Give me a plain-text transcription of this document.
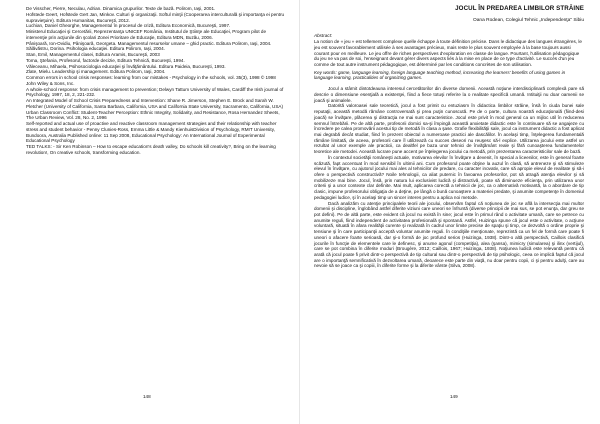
De Visscher, Pierre, Neculau, Adrian. Dinamica grupurilor. Texte de bază. Polirom, Iaşi, 2001.

Hofstede Geert, Hofstede Gert Jan, Minkov. Culturi şi organizaţii. Softul minţii (Cooperarea interculturală şi importanţa ei pentru supravieţuire). Editura Humanitas, Bucureşti, 2012.

Luchian, Daniel Gheorghe, Managementul în procesul de criză, Editura Economică, Bucureşti, 1997.

Ministerul Educaţiei şi Cercetării, Reprezentanţa UNICEF România, Institutul de Ştiinţe ale Educaţiei, Program pilot de intervenţie prin acţiunile din şcolari Zonei Prioritare de Educaţie, Editura MDN, Buzău, 2006.

Pânişoară, Ion-Ovidiu, Pânişoară, Georgeta. Managementul resurselor umane – ghid practic. Editura Polirom, Iaşi, 2004.

Sălăvăstru, Dorina. Psihologia educaţiei. Editura Polirom, Iaşi, 2004.

Stan, Emil, Managementul clasei, Editura Aramis, Bucureşti, 2003

Toma, Ştefania, Profesorul, factorde decizie, Editura Tehnică, Bucureşti, 1994.

Văleceanu, Mihaela, Psihosociologia educaţiei şi învăţământului. Editura Paideia, Bucureşti, 1993.

Zlate, Mielu. Leadership şi management. Editura Polirom, Iaşi, 2004.

Common errors in school crisis responses: learning from our mistakes - Psychology in the schools, vol. 35(3), 1998 © 1998 John Wiley & Sons, Inc.

A whole-school response: from crisis management to prevention; Delwyn Tattum University of Wales, Cardiff the Irish journal of Psychology, 1997, 18, 2, 221-232.

An Integrated Model of School Crisis Preparedness and Intervention: Shane R. Jimerson, Stephen E. Brock and Sarah W. Pletcher (University of California, Santa Barbara, California, USA and California State University, Sacramento, California, USA)

Urban Classroom Conflict: Student-Teacher Perception: Ethnic Integrity, Solidarity, and Resistance, Rosa Hernandez Sheets, The Urban Review, Vol. 28, No. 2, 1996

Self-reported and actual use of proactive and reactive classroom management strategies and their relationship with teacher stress and student behavior - Penny Clunies-Ross, Emma Little & Mandy KienhuisDivision of Psychology, RMIT University, Bundoora, Australia Published online: 11 Sep 2008, Educational Psychology: An International Journal of Experimental Educational Psychology

TED TALKS: - Sir Ken Robinson – How to escape education's death valley, Do schools kill creativity?, Bring on the learning revolution!, On creative schools, transforming education.

148
JOCUL ÎN PREDAREA LIMBILOR STRĂINE
Oana Rodean, Colegiul Tehnic „Independenţa" Sibiu
Abstract:
La notion de « jeu » est tellement complexe quelle échappe à toute définition précise. Dans le didactique des langues étrangères, le jeu est souvent favorablement utilisée à ses avantages précieux, mais reste le plus souvent employée à la base toujours aussi courant pour en meilleure. Le jeu offre de riches perspectives d'exploration en classe de langue. Pourtant, l'utilisation pédagogique du jeu ne va pas de soi, l'enseignant devant gérer divers aspects liés à la mise en place de ce type d'activité. Le succès d'un jeu comme de tout autre instrument pédagogique, est déterminé par les conditions concrètes de son utilisation.
Key words: game, language learning, foreign language teaching method, increasing the learners' benefits of using games in language learning, practicalities of organizing games.

Jocul a stârnit dintotdeauna interesul cercetătorilor din diverse domenii. Această noţiune interdisciplinară complexă pare să descrie o dimensiune esenţială a existenţei, fiind a fiece totuşi referire la o realitate specifică umană. Intituiţii nu doar oamenii se joacă şi animalele.

Datorită valoroasei sale teoretică, jocul a fost primit cu entuziasm în didactica limbilor străine, însă în ciuda bunei sale reputaţii, această metodă rămâne controversată şi prea puţin cunoscută. Pe de o parte, cultura noastră educaţională (fiind-desi joacă) se învăţare, plăcerea şi distracţia ne mai sunt caracteristice. Jocul este privit în mod general ca un mijloc util în reducerea semnul întrebării. Pe de altă parte, profesorii domici sa-şi împingă această anxietate didactic este în continuare să se angajeze cu încredere pe calea promovării acestui tip de metodă în clasa a şase. Grafie flexibilităţii sale, jocul ca instrument didactic a fost aplicat mai degrabă decât studiat, fiind în prezent obiectul a numeroase practici ale dascălilor. În acelaşi timp, înţelegerea fundamentală rămâne limitată, de aceea, profesorii care îl utilizează cu succes deseori nu reuşesc să-l explice. Utilizarea jocului este astfel un rezultat al unor exemple ale practicii, ca dealtfel pe baza unor tehnici de învăţământ reale şi fără cunoaşterea fundamentelor teoretice ale metodei. Această lucrare pune accent pe înţelegerea jocului ca metodă, prin prezentarea caracteristicilor sale de bază.

În contextul societăţii româneşti actuale, motivarea elevilor în învăţare a devenit, în special a liceenilor, este în general foarte scăzută, fapt accentuat în mod sensibil în ultimii ani. Cum profesorul poate obţine la auzul în clasă, să antreneze şi să stimuleze elevul în învăţare, cu ajutorul jocului mai ales al tehnicilor de predare, cu caracter inovativ, care să apropie elevul de realitate şi să-i ofere o perspectivă constructivă? Noile tehnologii, ca aliat puternic în favoarea profesorilor, pot să atragă atenţia elevilor şi să mobilizeze mai bine. Jocul, însă, prin natura lui exclusivist ludică şi distractivă, poate să diminueze eficienţa, prin utilizarea unor criterii şi a unor contexte clar definite. Mai mult, aplicarea corectă a tehnicii de joc, ca o alternativă motivantă, la o abordare de tip clasic, impune profesorului obligaţia de a deţine, pe lângă o bună cunoaştere a materiei predate, şi anumite competenţe în domeniul pedagogiei ludice, şi în acelaşi timp un sincer interes pentru a aplica noi metode.

Dacă analizăm cu atenţie principalele teorii ale jocului, observăm faptul că noţiunea de joc se află la intersecţia mai multor domenii şi discipline, înglobând astfel diferite viziuni care uneori se înfruntă (diverse principii de mai sus, se pot enunţa, dar greu se pot defini). Pe de altă parte, este evident că jocul nu există în sine; jocul este în primul rând o activitate umană, care se petrece cu anumite reguli, fiind independent de activitatea profesională şi spontană. Astfel, Huizinga spune că jocul este o activitate, o acţiune voluntară, situată în afara realităţii curente şi realizată în cadrul unor limite precise de spaţiu şi timp, ce dezvoltă o ordine proprie şi tensiune şi în care participanţii acceptă voluntar anumite reguli. În condiţiile menţionate, reprezintă ca un fel de formă care poate fi uneori o afacere foarte serioasă, dar şi-o formă de joc profund serios (Huizinga, 1938). Dintr-o altă perspectivă, Caillois clasifică jocurile în funcţie de elementele care le definesc, şi anume agonul (competiţia), alea (şansa), mimicry (simularea) şi ilinx (vertijul), care se pot combina în diferite moduri (Brougère, 2012; Caillois, 1967; Huizinga, 1938). Noţiunea ludică este relevantă pentru că arată că jocul poate fi privit dintr-o perspectivă de tip cultural sau dintr-o perspectivă de tip psihologic, ceea ce implică faptul că jocul are o importanţă semnificativă în dezvoltarea umană, deoarece este parte din viaţă, nu doar pentru copii, ci şi pentru adulţi, care au nevoie să se joace ca şi copiii, în diferite forme şi la diferite vârste (Silva, 2008).

149
